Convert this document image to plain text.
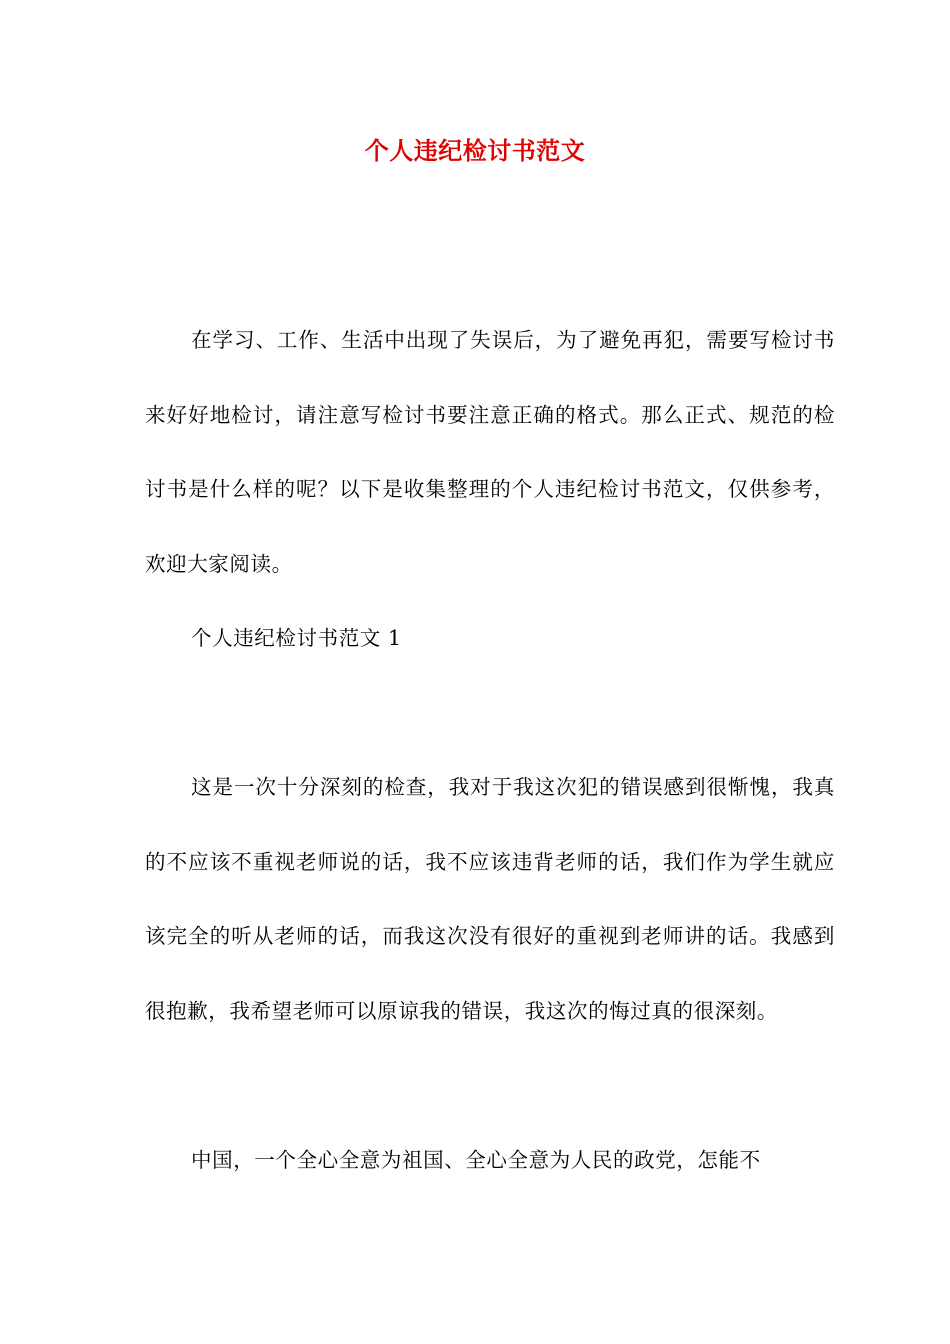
个人违纪检讨书范文

在学习、工作、生活中出现了失误后，为了避免再犯，需要写检讨书来好好地检讨，请注意写检讨书要注意正确的格式。那么正式、规范的检讨书是什么样的呢？以下是收集整理的个人违纪检讨书范文，仅供参考，欢迎大家阅读。

个人违纪检讨书范文 1

这是一次十分深刻的检查，我对于我这次犯的错误感到很惭愧，我真的不应该不重视老师说的话，我不应该违背老师的话，我们作为学生就应该完全的听从老师的话，而我这次没有很好的重视到老师讲的话。我感到很抱歉，我希望老师可以原谅我的错误，我这次的悔过真的很深刻。

中国，一个全心全意为祖国、全心全意为人民的政党，怎能不
